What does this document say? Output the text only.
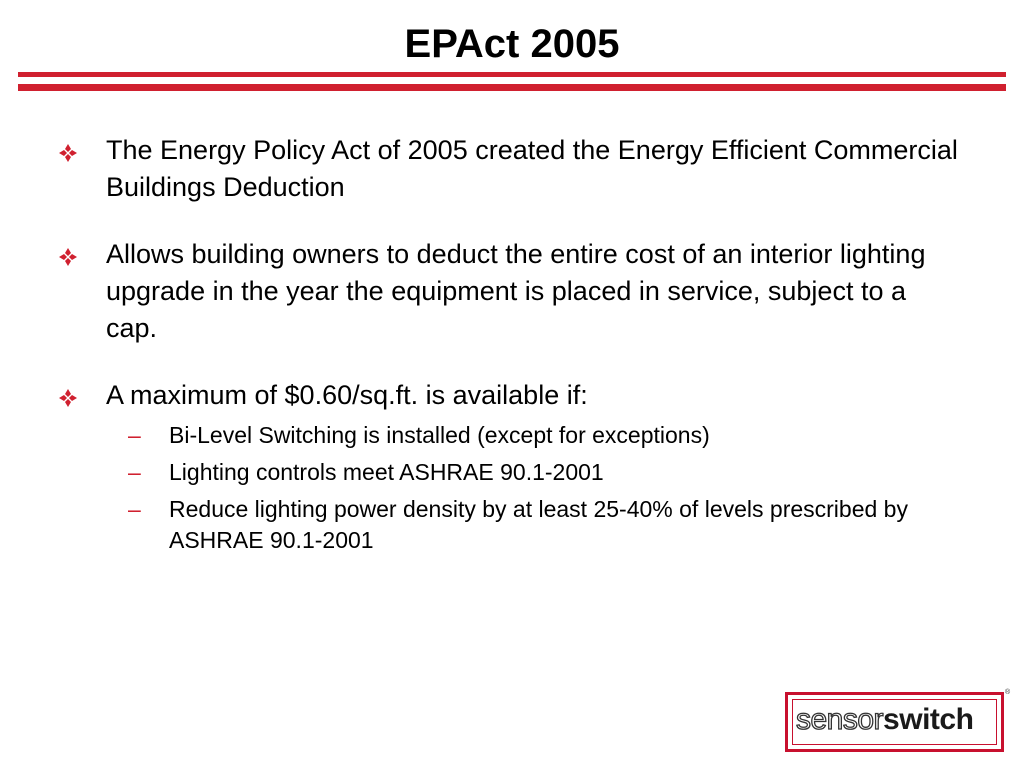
EPAct 2005
The Energy Policy Act of 2005 created the Energy Efficient Commercial Buildings Deduction
Allows building owners to deduct the entire cost of an interior lighting upgrade in the year the equipment is placed in service, subject to a cap.
A maximum of $0.60/sq.ft. is available if:
– Bi-Level Switching is installed (except for exceptions)
– Lighting controls meet ASHRAE 90.1-2001
– Reduce lighting power density by at least 25-40% of levels prescribed by ASHRAE 90.1-2001
sensorswitch
®
